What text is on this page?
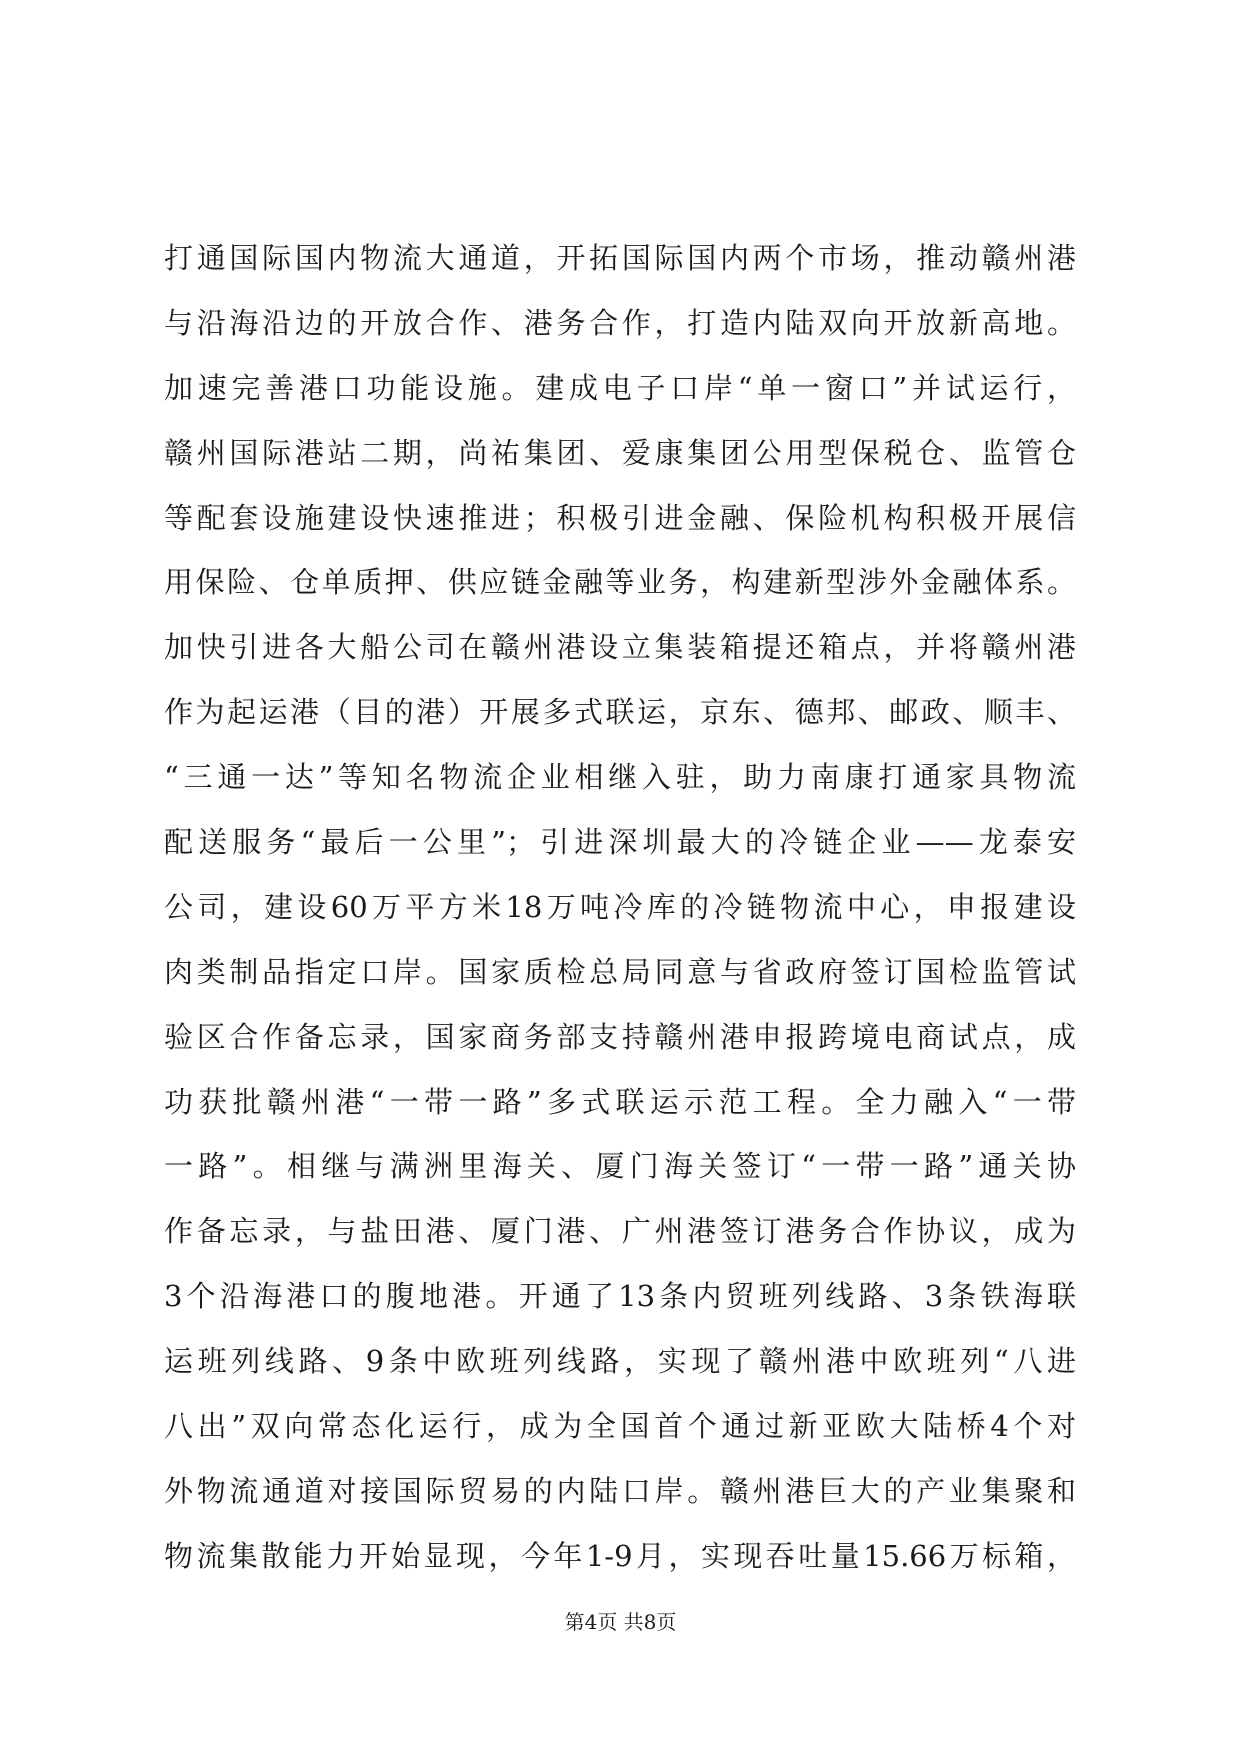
打通国际国内物流大通道，开拓国际国内两个市场，推动赣州港
与沿海沿边的开放合作、港务合作，打造内陆双向开放新高地。
加速完善港口功能设施。建成电子口岸“单一窗口”并试运行，
赣州国际港站二期，尚祐集团、爱康集团公用型保税仓、监管仓
等配套设施建设快速推进；积极引进金融、保险机构积极开展信
用保险、仓单质押、供应链金融等业务，构建新型涉外金融体系。
加快引进各大船公司在赣州港设立集装箱提还箱点，并将赣州港
作为起运港（目的港）开展多式联运，京东、德邦、邮政、顺丰、
“三通一达”等知名物流企业相继入驻，助力南康打通家具物流
配送服务“最后一公里”；引进深圳最大的冷链企业——龙泰安
公司，建设60万平方米18万吨冷库的冷链物流中心，申报建设
肉类制品指定口岸。国家质检总局同意与省政府签订国检监管试
验区合作备忘录，国家商务部支持赣州港申报跨境电商试点，成
功获批赣州港“一带一路”多式联运示范工程。全力融入“一带
一路”。相继与满洲里海关、厦门海关签订“一带一路”通关协
作备忘录，与盐田港、厦门港、广州港签订港务合作协议，成为
3个沿海港口的腹地港。开通了13条内贸班列线路、3条铁海联
运班列线路、9条中欧班列线路，实现了赣州港中欧班列“八进
八出”双向常态化运行，成为全国首个通过新亚欧大陆桥4个对
外物流通道对接国际贸易的内陆口岸。赣州港巨大的产业集聚和
物流集散能力开始显现，今年1-9月，实现吞吐量15.66万标箱，
第4页 共8页
